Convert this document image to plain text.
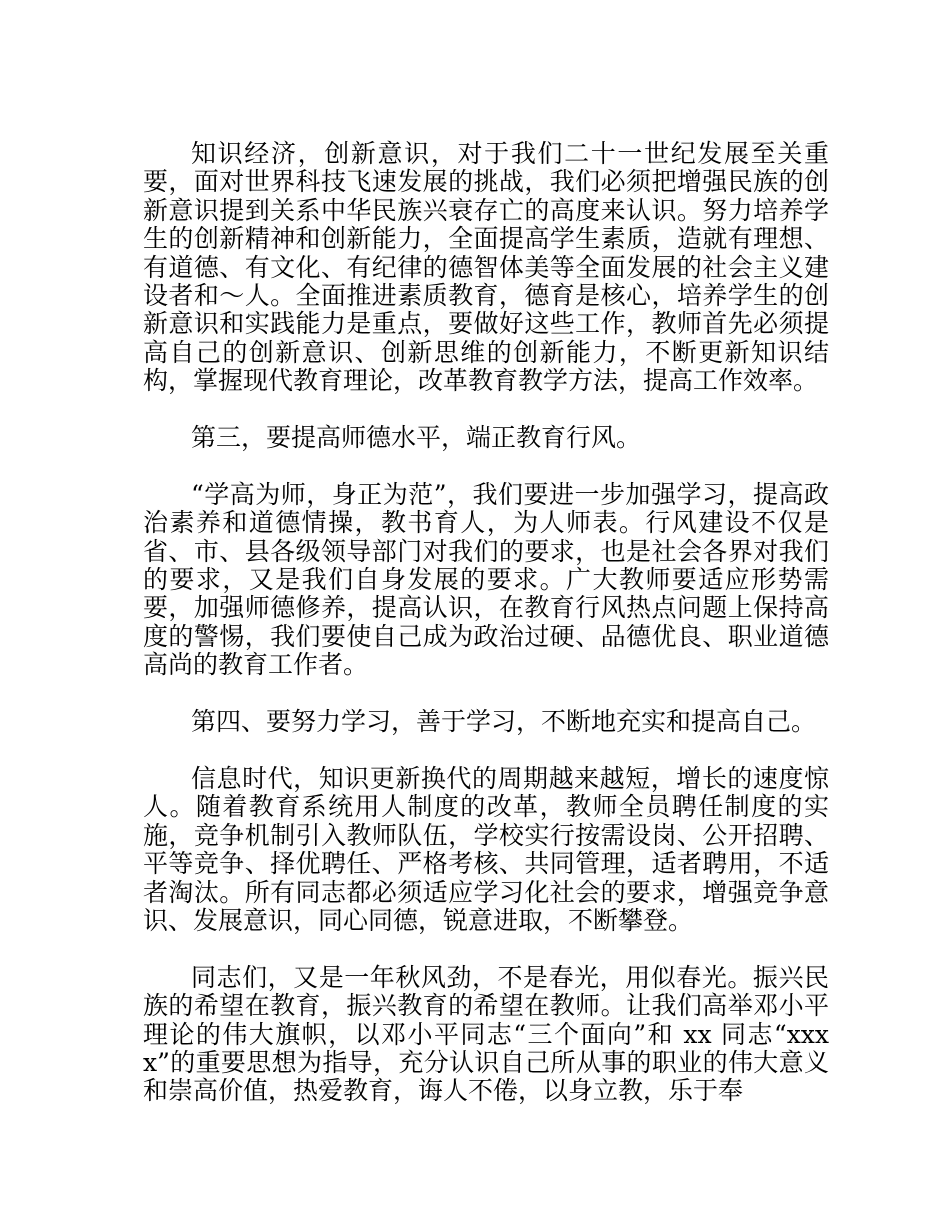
知识经济，创新意识，对于我们二十一世纪发展至关重要，面对世界科技飞速发展的挑战，我们必须把增强民族的创新意识提到关系中华民族兴衰存亡的高度来认识。努力培养学生的创新精神和创新能力，全面提高学生素质，造就有理想、有道德、有文化、有纪律的德智体美等全面发展的社会主义建设者和～人。全面推进素质教育，德育是核心，培养学生的创新意识和实践能力是重点，要做好这些工作，教师首先必须提高自己的创新意识、创新思维的创新能力，不断更新知识结构，掌握现代教育理论，改革教育教学方法，提高工作效率。

第三，要提高师德水平，端正教育行风。

“学高为师，身正为范”，我们要进一步加强学习，提高政治素养和道德情操，教书育人，为人师表。行风建设不仅是省、市、县各级领导部门对我们的要求，也是社会各界对我们的要求，又是我们自身发展的要求。广大教师要适应形势需要，加强师德修养，提高认识，在教育行风热点问题上保持高度的警惕，我们要使自己成为政治过硬、品德优良、职业道德高尚的教育工作者。

第四、要努力学习，善于学习，不断地充实和提高自己。

信息时代，知识更新换代的周期越来越短，增长的速度惊人。随着教育系统用人制度的改革，教师全员聘任制度的实施，竞争机制引入教师队伍，学校实行按需设岗、公开招聘、平等竞争、择优聘任、严格考核、共同管理，适者聘用，不适者淘汰。所有同志都必须适应学习化社会的要求，增强竞争意识、发展意识，同心同德，锐意进取，不断攀登。

同志们，又是一年秋风劲，不是春光，用似春光。振兴民族的希望在教育，振兴教育的希望在教师。让我们高举邓小平理论的伟大旗帜，以邓小平同志“三个面向”和 xx 同志“xxxx”的重要思想为指导，充分认识自己所从事的职业的伟大意义和崇高价值，热爱教育，诲人不倦，以身立教，乐于奉
